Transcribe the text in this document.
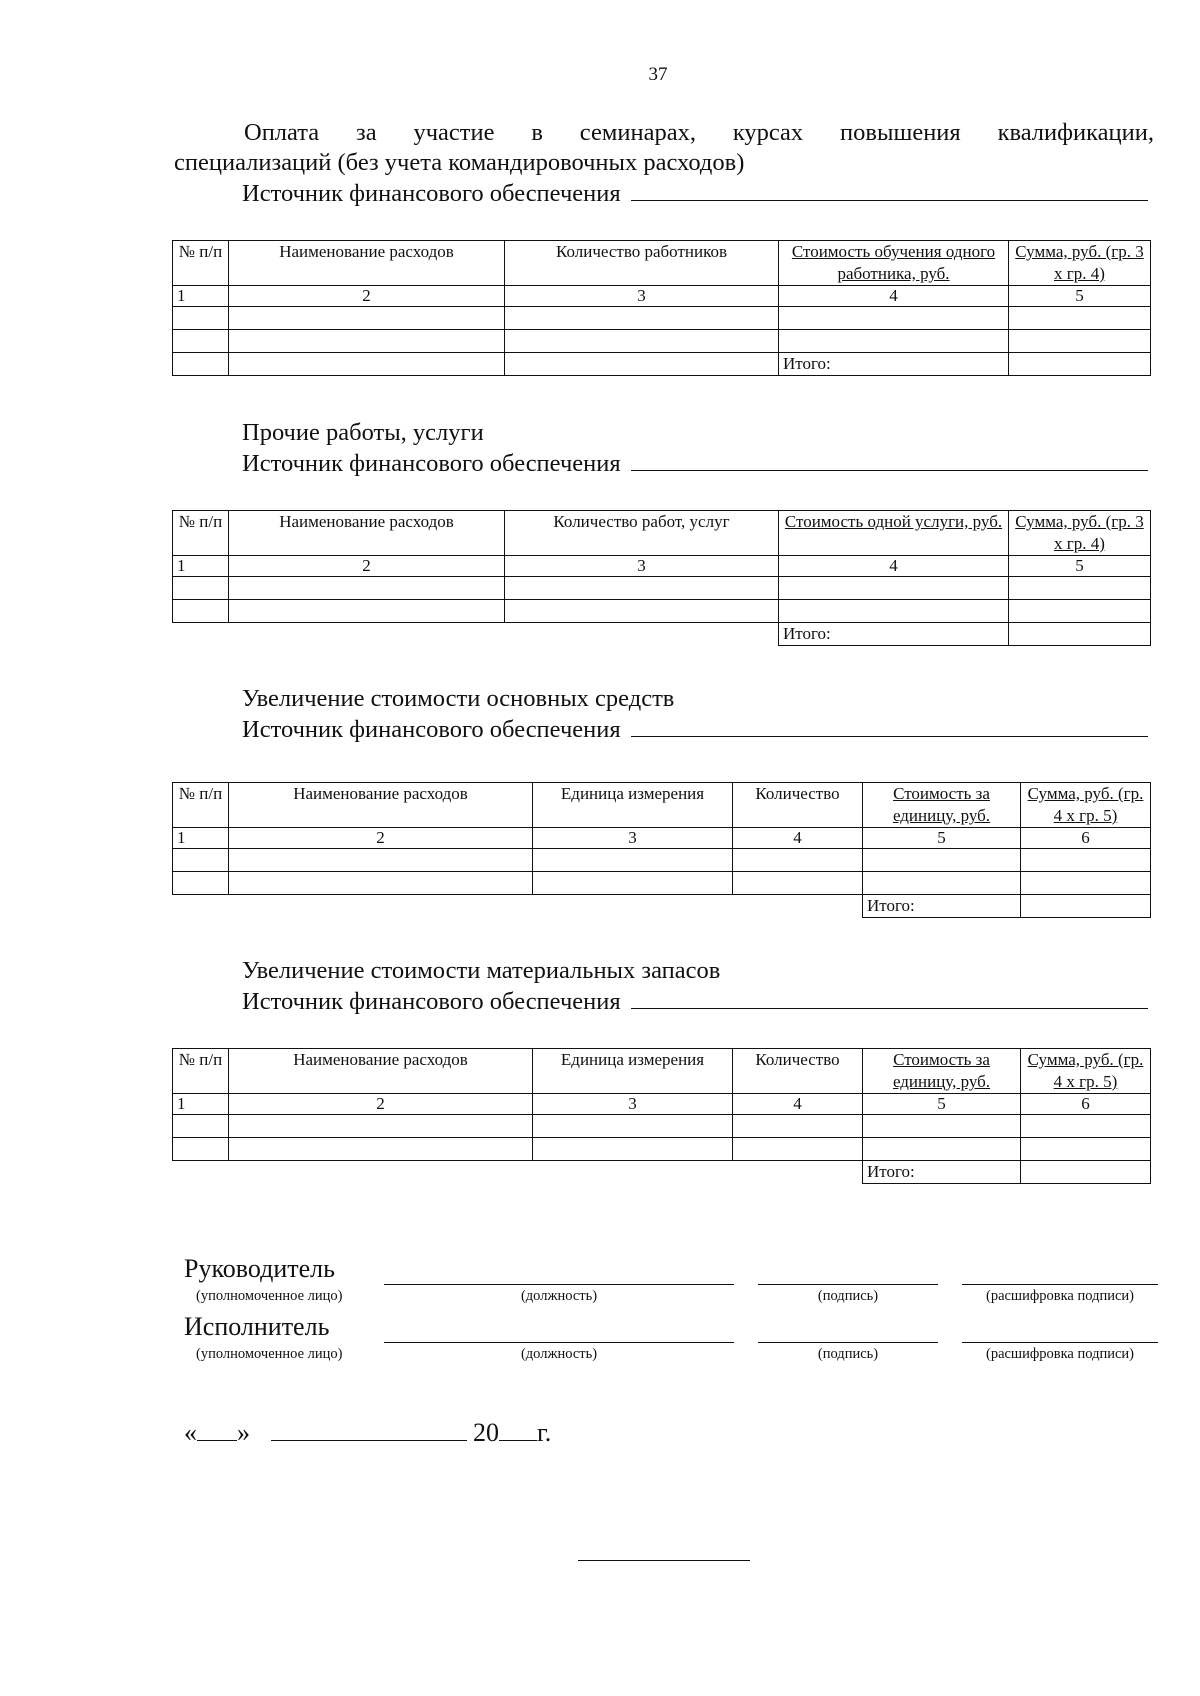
37
Оплата за участие в семинарах, курсах повышения квалификации,
специализаций (без учета командировочных расходов)
Источник финансового обеспечения
№ п/п	Наименование расходов	Количество работников	Стоимость обучения одного работника, руб.	Сумма, руб. (гр. 3 х гр. 4)
1	2	3	4	5

			Итого:	
Прочие работы, услуги
Источник финансового обеспечения
№ п/п	Наименование расходов	Количество работ, услуг	Стоимость одной услуги, руб.	Сумма, руб. (гр. 3 х гр. 4)
1	2	3	4	5

			Итого:	
Увеличение стоимости основных средств
Источник финансового обеспечения
№ п/п	Наименование расходов	Единица измерения	Количество	Стоимость за единицу, руб.	Сумма, руб. (гр. 4 х гр. 5)
1	2	3	4	5	6

				Итого:	
Увеличение стоимости материальных запасов
Источник финансового обеспечения
№ п/п	Наименование расходов	Единица измерения	Количество	Стоимость за единицу, руб.	Сумма, руб. (гр. 4 х гр. 5)
1	2	3	4	5	6

				Итого:	
Руководитель
(уполномоченное лицо)	(должность)	(подпись)	(расшифровка подписи)
Исполнитель
(уполномоченное лицо)	(должность)	(подпись)	(расшифровка подписи)
« »	20 г.
